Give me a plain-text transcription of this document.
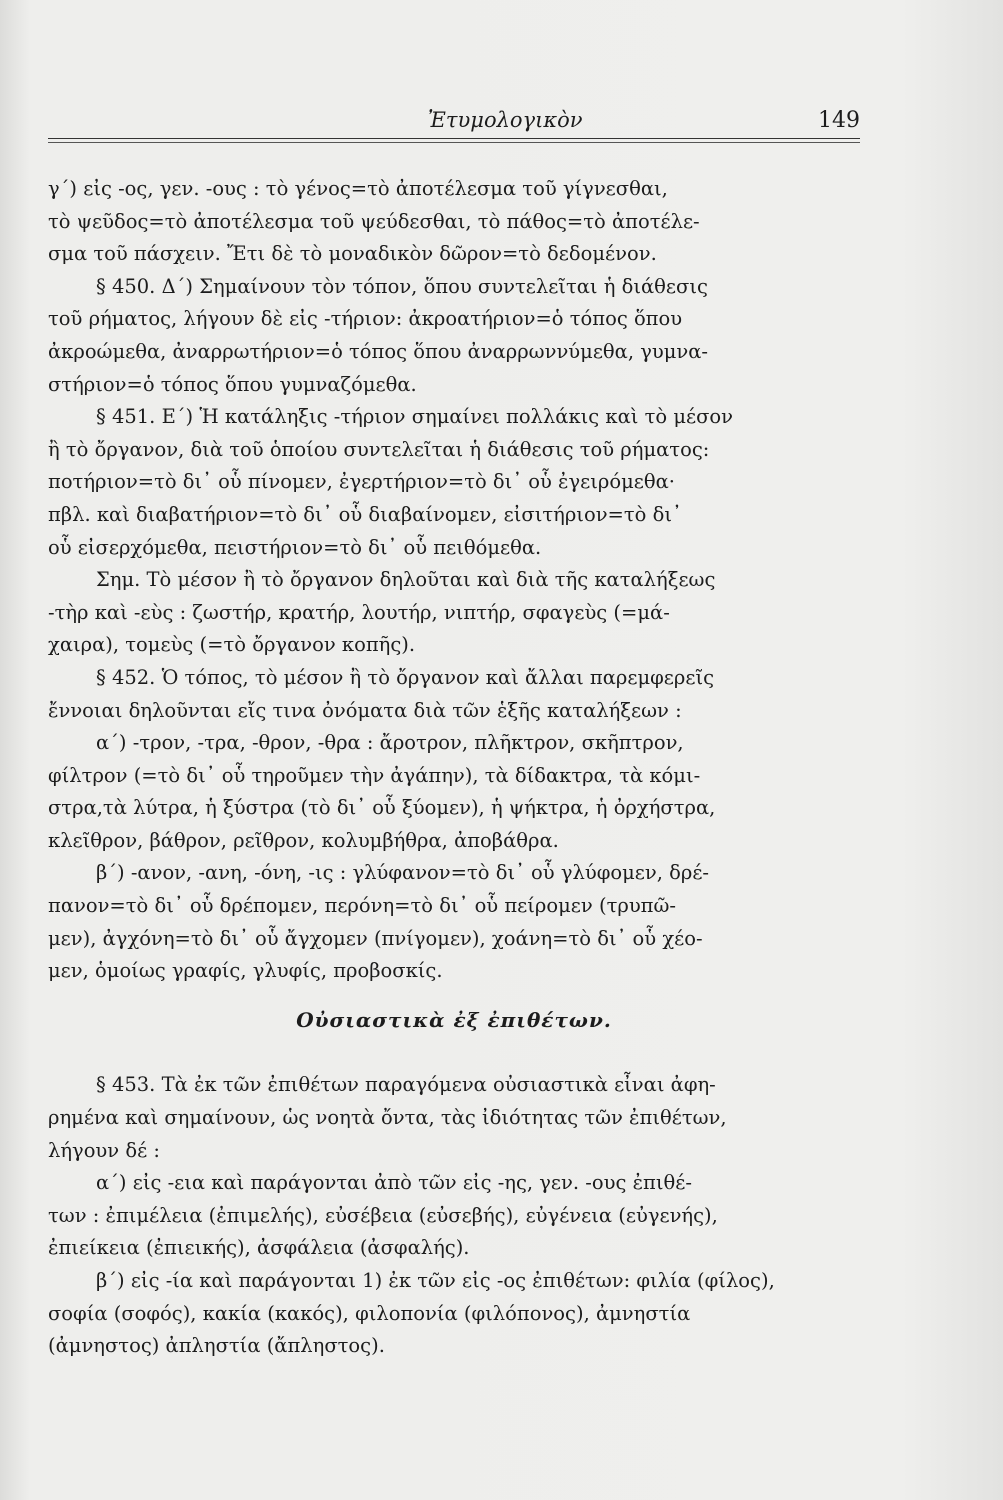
Ἐτυμολογικὸν	149
γ΄) εἰς -ος, γεν. -ους : τὸ γένος=τὸ ἀποτέλεσμα τοῦ γίγνεσθαι,
τὸ ψεῦδος=τὸ ἀποτέλεσμα τοῦ ψεύδεσθαι, τὸ πάθος=τὸ ἀποτέλε-
σμα τοῦ πάσχειν. Ἔτι δὲ τὸ μοναδικὸν δῶρον=τὸ δεδομένον.
§ 450. Δ΄) Σημαίνουν τὸν τόπον, ὅπου συντελεῖται ἡ διάθεσις
τοῦ ρήματος, λήγουν δὲ εἰς -τήριον: ἀκροατήριον=ὁ τόπος ὅπου
ἀκροώμεθα, ἀναρρωτήριον=ὁ τόπος ὅπου ἀναρρωννύμεθα, γυμνα-
στήριον=ὁ τόπος ὅπου γυμναζόμεθα.
§ 451. Ε΄) Ἡ κατάληξις -τήριον σημαίνει πολλάκις καὶ τὸ μέσον
ἢ τὸ ὄργανον, διὰ τοῦ ὁποίου συντελεῖται ἡ διάθεσις τοῦ ρήματος:
ποτήριον=τὸ δι᾽ οὗ πίνομεν, ἐγερτήριον=τὸ δι᾽ οὗ ἐγειρόμεθα·
πβλ. καὶ διαβατήριον=τὸ δι᾽ οὗ διαβαίνομεν, εἰσιτήριον=τὸ δι᾽
οὗ εἰσερχόμεθα, πειστήριον=τὸ δι᾽ οὗ πειθόμεθα.
Σημ. Τὸ μέσον ἢ τὸ ὄργανον δηλοῦται καὶ διὰ τῆς καταλήξεως
-τὴρ καὶ -εὺς : ζωστήρ, κρατήρ, λουτήρ, νιπτήρ, σφαγεὺς (=μά-
χαιρα), τομεὺς (=τὸ ὄργανον κοπῆς).
§ 452. Ὁ τόπος, τὸ μέσον ἢ τὸ ὄργανον καὶ ἄλλαι παρεμφερεῖς
ἔννοιαι δηλοῦνται εἴς τινα ὀνόματα διὰ τῶν ἑξῆς καταλήξεων :
α΄) -τρον, -τρα, -θρον, -θρα : ἄροτρον, πλῆκτρον, σκῆπτρον,
φίλτρον (=τὸ δι᾽ οὗ τηροῦμεν τὴν ἀγάπην), τὰ δίδακτρα, τὰ κόμι-
στρα,τὰ λύτρα, ἡ ξύστρα (τὸ δι᾽ οὗ ξύομεν), ἡ ψήκτρα, ἡ ὀρχήστρα,
κλεῖθρον, βάθρον, ρεῖθρον, κολυμβήθρα, ἀποβάθρα.
β΄) -ανον, -ανη, -όνη, -ις : γλύφανον=τὸ δι᾽ οὗ γλύφομεν, δρέ-
πανον=τὸ δι᾽ οὗ δρέπομεν, περόνη=τὸ δι᾽ οὗ πείρομεν (τρυπῶ-
μεν), ἀγχόνη=τὸ δι᾽ οὗ ἄγχομεν (πνίγομεν), χοάνη=τὸ δι᾽ οὗ χέο-
μεν, ὁμοίως γραφίς, γλυφίς, προβοσκίς.
Οὐσιαστικὰ ἐξ ἐπιθέτων.
§ 453. Τὰ ἐκ τῶν ἐπιθέτων παραγόμενα οὐσιαστικὰ εἶναι ἀφη-
ρημένα καὶ σημαίνουν, ὡς νοητὰ ὄντα, τὰς ἰδιότητας τῶν ἐπιθέτων,
λήγουν δέ :
α΄) εἰς -εια καὶ παράγονται ἀπὸ τῶν εἰς -ης, γεν. -ους ἐπιθέ-
των : ἐπιμέλεια (ἐπιμελής), εὐσέβεια (εὐσεβής), εὐγένεια (εὐγενής),
ἐπιείκεια (ἐπιεικής), ἀσφάλεια (ἀσφαλής).
β΄) εἰς -ία καὶ παράγονται 1) ἐκ τῶν εἰς -ος ἐπιθέτων: φιλία (φίλος),
σοφία (σοφός), κακία (κακός), φιλοπονία (φιλόπονος), ἀμνηστία
(ἀμνηστος) ἀπληστία (ἄπληστος).
